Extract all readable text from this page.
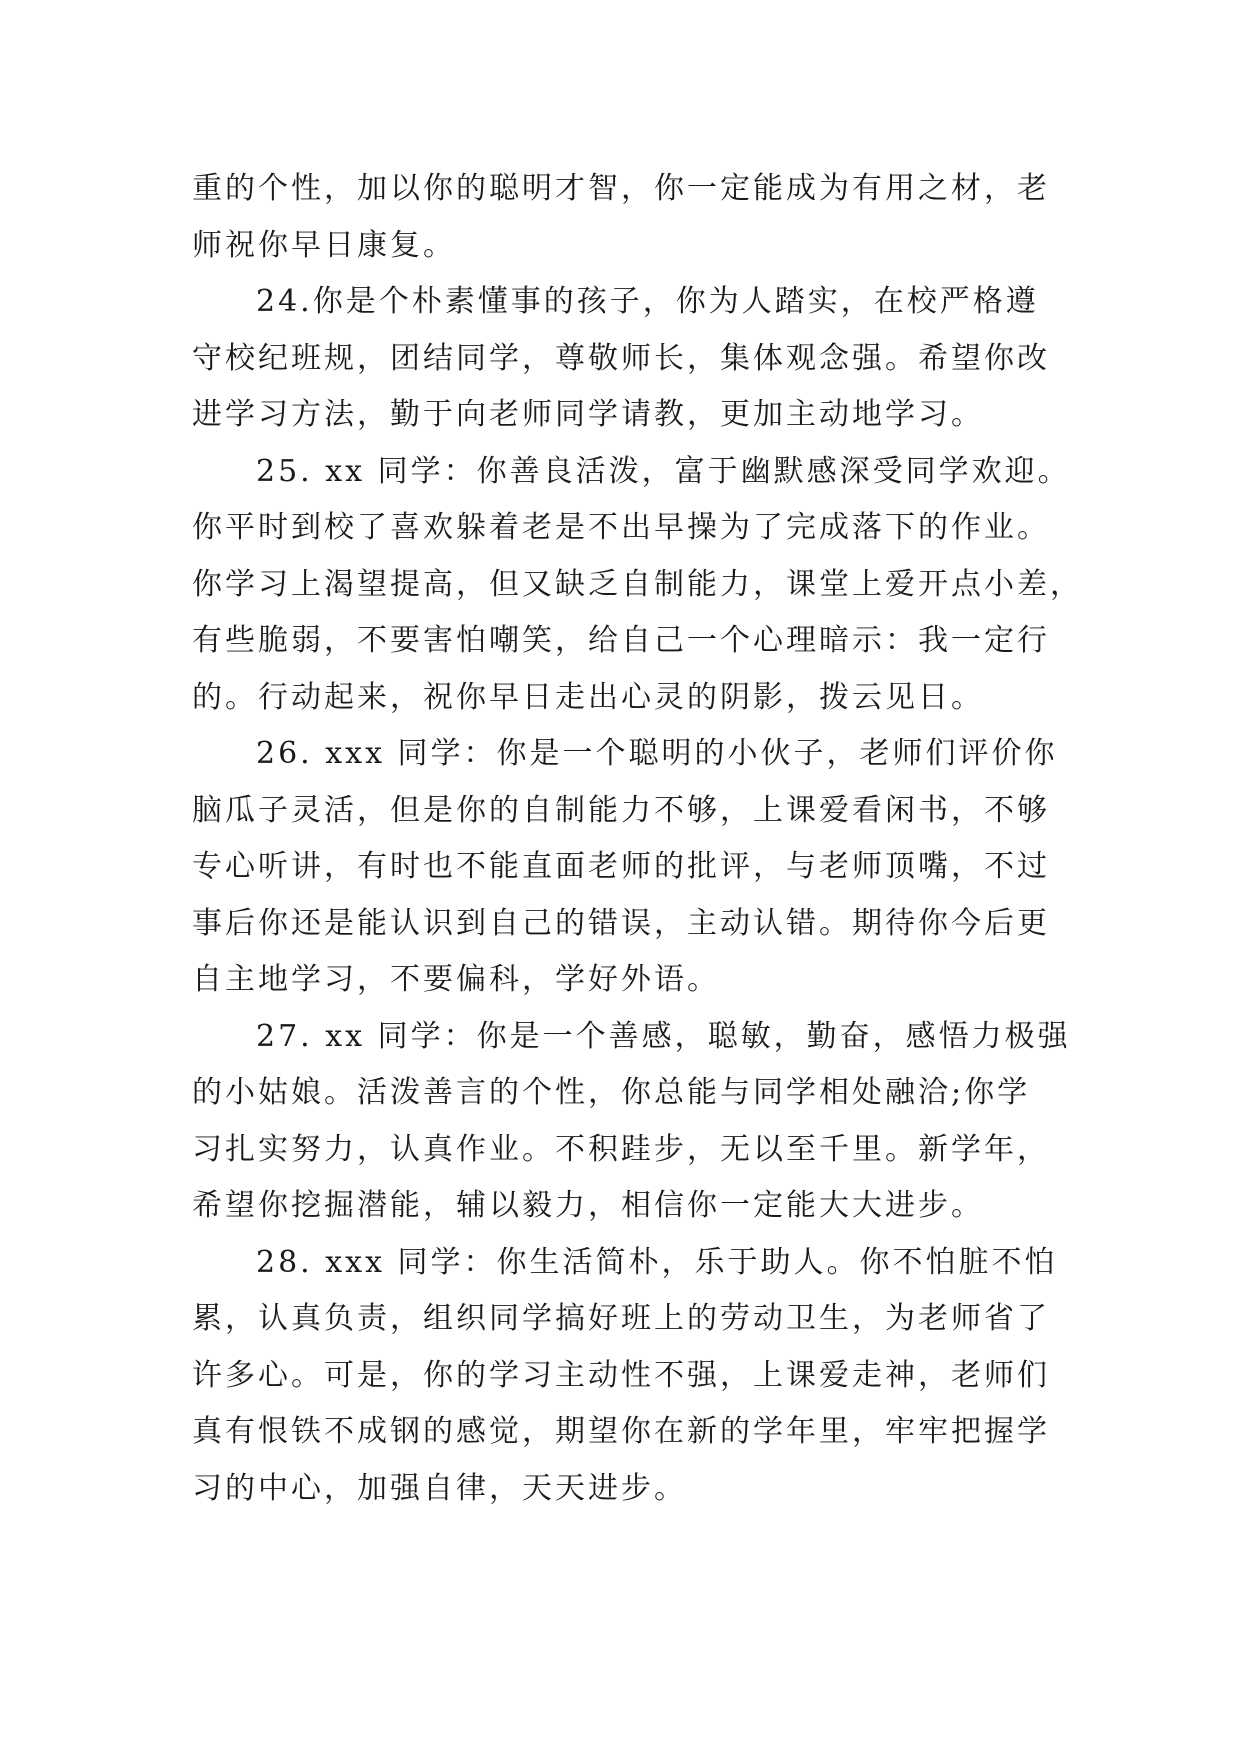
重的个性，加以你的聪明才智，你一定能成为有用之材，老
师祝你早日康复。
24.你是个朴素懂事的孩子，你为人踏实，在校严格遵
守校纪班规，团结同学，尊敬师长，集体观念强。希望你改
进学习方法，勤于向老师同学请教，更加主动地学习。
25. xx 同学：你善良活泼，富于幽默感深受同学欢迎。
你平时到校了喜欢躲着老是不出早操为了完成落下的作业。
你学习上渴望提高，但又缺乏自制能力，课堂上爱开点小差，
有些脆弱，不要害怕嘲笑，给自己一个心理暗示：我一定行
的。行动起来，祝你早日走出心灵的阴影，拨云见日。
26. xxx 同学：你是一个聪明的小伙子，老师们评价你
脑瓜子灵活，但是你的自制能力不够，上课爱看闲书，不够
专心听讲，有时也不能直面老师的批评，与老师顶嘴，不过
事后你还是能认识到自己的错误，主动认错。期待你今后更
自主地学习，不要偏科，学好外语。
27. xx 同学：你是一个善感，聪敏，勤奋，感悟力极强
的小姑娘。活泼善言的个性，你总能与同学相处融洽;你学
习扎实努力，认真作业。不积跬步，无以至千里。新学年，
希望你挖掘潜能，辅以毅力，相信你一定能大大进步。
28. xxx 同学：你生活简朴，乐于助人。你不怕脏不怕
累，认真负责，组织同学搞好班上的劳动卫生，为老师省了
许多心。可是，你的学习主动性不强，上课爱走神，老师们
真有恨铁不成钢的感觉，期望你在新的学年里，牢牢把握学
习的中心，加强自律，天天进步。
